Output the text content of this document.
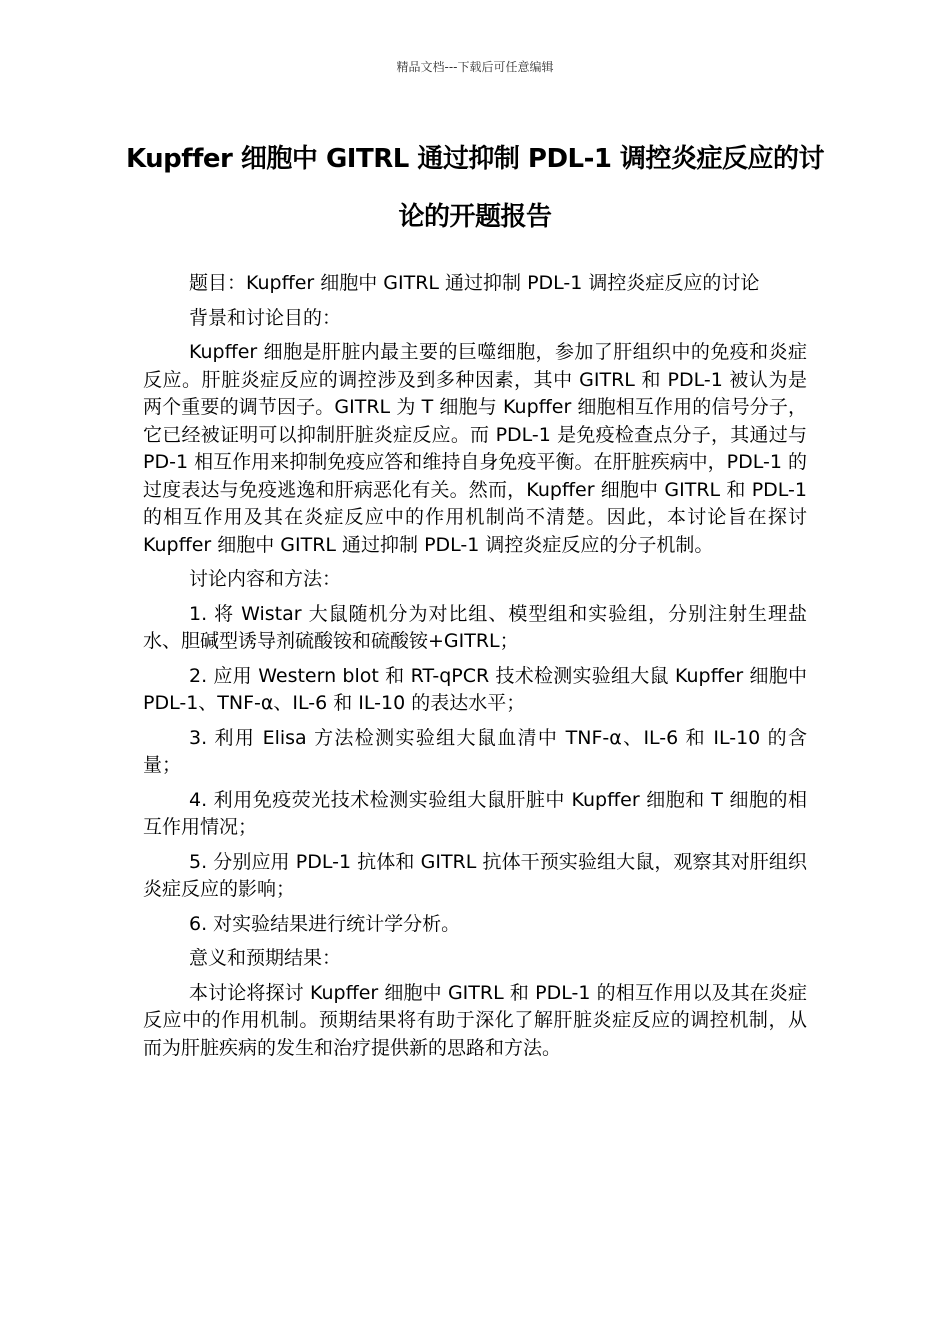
精品文档---下载后可任意编辑
Kupffer 细胞中 GITRL 通过抑制 PDL-1 调控炎症反应的讨论的开题报告

题目：Kupffer 细胞中 GITRL 通过抑制 PDL-1 调控炎症反应的讨论

背景和讨论目的：

Kupffer 细胞是肝脏内最主要的巨噬细胞，参加了肝组织中的免疫和炎症反应。肝脏炎症反应的调控涉及到多种因素，其中 GITRL 和 PDL-1 被认为是两个重要的调节因子。GITRL 为 T 细胞与 Kupffer 细胞相互作用的信号分子，它已经被证明可以抑制肝脏炎症反应。而 PDL-1 是免疫检查点分子，其通过与 PD-1 相互作用来抑制免疫应答和维持自身免疫平衡。在肝脏疾病中，PDL-1 的过度表达与免疫逃逸和肝病恶化有关。然而，Kupffer 细胞中 GITRL 和 PDL-1 的相互作用及其在炎症反应中的作用机制尚不清楚。因此，本讨论旨在探讨 Kupffer 细胞中 GITRL 通过抑制 PDL-1 调控炎症反应的分子机制。

讨论内容和方法：

1. 将 Wistar 大鼠随机分为对比组、模型组和实验组，分别注射生理盐水、胆碱型诱导剂硫酸铵和硫酸铵+GITRL；

2. 应用 Western blot 和 RT-qPCR 技术检测实验组大鼠 Kupffer 细胞中 PDL-1、TNF-α、IL-6 和 IL-10 的表达水平；

3. 利用 Elisa 方法检测实验组大鼠血清中 TNF-α、IL-6 和 IL-10 的含量；

4. 利用免疫荧光技术检测实验组大鼠肝脏中 Kupffer 细胞和 T 细胞的相互作用情况；

5. 分别应用 PDL-1 抗体和 GITRL 抗体干预实验组大鼠，观察其对肝组织炎症反应的影响；

6. 对实验结果进行统计学分析。

意义和预期结果：

本讨论将探讨 Kupffer 细胞中 GITRL 和 PDL-1 的相互作用以及其在炎症反应中的作用机制。预期结果将有助于深化了解肝脏炎症反应的调控机制，从而为肝脏疾病的发生和治疗提供新的思路和方法。
